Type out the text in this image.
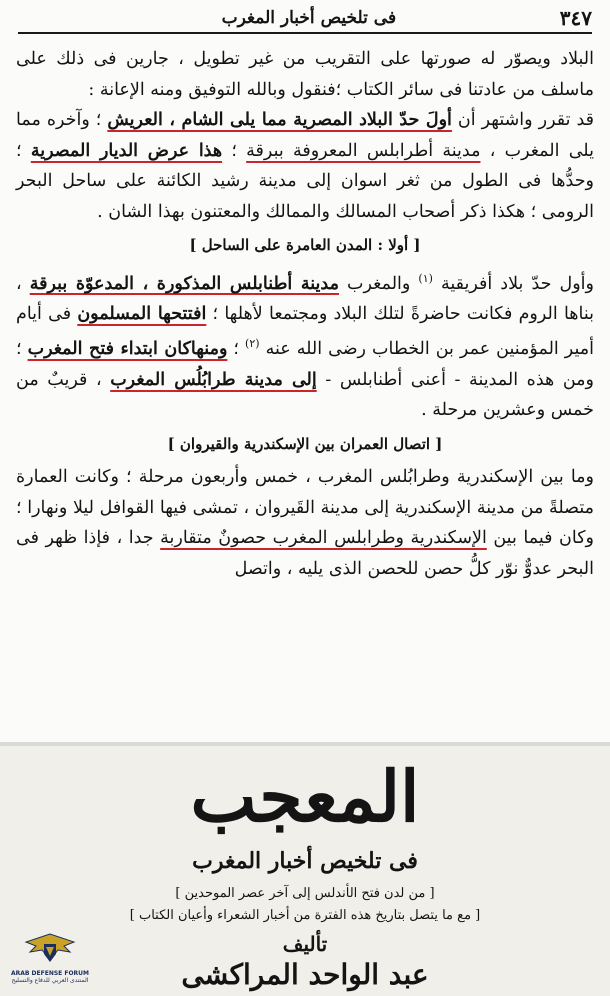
٣٤٧
فى تلخيص أخبار المغرب

البلاد ويصوّر له صورتها على التقريب من غير تطويل ، جارين فى ذلك على ماسلف من عادتنا فى سائر الكتاب ؛فنقول وبالله التوفيق ومنه الإعانة :

قد تقرر واشتهر أن أولَ حدّ البلاد المصرية مما يلى الشام ، العريش ؛ وآخره مما يلى المغرب ، مدينة أطرابلس المعروفة ببرقة ؛ هذا عرض الديار المصرية ؛ وحدُّها فى الطول من ثغر اسوان إلى مدينة رشيد الكائنة على ساحل البحر الرومى ؛ هكذا ذكر أصحاب المسالك والممالك والمعتنون بهذا الشان .

[ أولا : المدن العامرة على الساحل ]

وأول حدّ بلاد أفريقية $^{(١)}$ والمغرب مدينة أطنابلس المذكورة ، المدعوّة ببرقة ، بناها الروم فكانت حاضرةً لتلك البلاد ومجتمعا لأهلها ؛ افتتحها المسلمون فى أيام أمير المؤمنين عمر بن الخطاب رضى الله عنه $^{(٢)}$ ؛ ومنهاكان ابتداء فتح المغرب ؛ ومن هذه المدينة - أعنى أطنابلس - إلى مدينة طرابُلُس المغرب ، قريبٌ من خمس وعشرين مرحلة .

[ اتصال العمران بين الإسكندرية والقيروان ]

وما بين الإسكندرية وطرابُلس المغرب ، خمس وأربعون مرحلة ؛ وكانت العمارة متصلةً من مدينة الإسكندرية إلى مدينة القَيروان ، تمشى فيها القوافل ليلا ونهارا ؛ وكان فيما بين الإسكندرية وطرابلس المغرب حصونٌ متقاربة جدا ، فإذا ظهر فى البحر عدوٌّ نوّر كلُّ حصن للحصن الذى يليه ، واتصل

المعجب
فى تلخيص أخبار المغرب
[ من لدن فتح الأندلس إلى آخر عصر الموحدين ]
[ مع ما يتصل بتاريخ هذه الفترة من أخبار الشعراء وأعيان الكتاب ]
تأليف
عبد الواحد المراكشى
ARAB DEFENSE FORUM
المنتدى العربي للدفاع والتسليح
